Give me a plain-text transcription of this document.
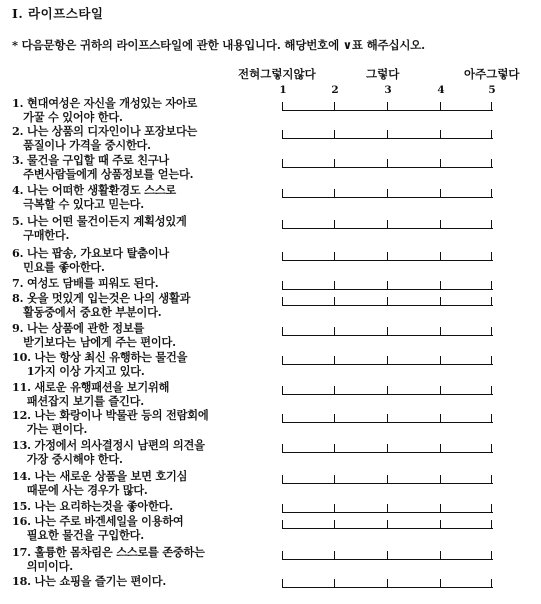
Ⅰ. 라이프스타일
* 다음문항은 귀하의 라이프스타일에 관한 내용입니다. 해당번호에 ∨표 해주십시오.
전혀그렇지않다	그렇다	아주그렇다
1	2	3	4	5
1. 현대여성은 자신을 개성있는 자아로
가꿀 수 있어야 한다.
2. 나는 상품의 디자인이나 포장보다는
품질이나 가격을 중시한다.
3. 물건을 구입할 때 주로 친구나
주변사람들에게 상품정보를 얻는다.
4. 나는 어떠한 생활환경도 스스로
극복할 수 있다고 믿는다.
5. 나는 어떤 물건이든지 계획성있게
구매한다.
6. 나는 팝송, 가요보다 탈춤이나
민요를 좋아한다.
7. 여성도 담배를 피워도 된다.
8. 옷을 멋있게 입는것은 나의 생활과
활동중에서 중요한 부분이다.
9. 나는 상품에 관한 정보를
받기보다는 남에게 주는 편이다.
10. 나는 항상 최신 유행하는 물건을
1가지 이상 가지고 있다.
11. 새로운 유행패션을 보기위해
패션잡지 보기를 즐긴다.
12. 나는 화랑이나 박물관 등의 전람회에
가는 편이다.
13. 가정에서 의사결정시 남편의 의견을
가장 중시해야 한다.
14. 나는 새로운 상품을 보면 호기심
때문에 사는 경우가 많다.
15. 나는 요리하는것을 좋아한다.
16. 나는 주로 바겐세일을 이용하여
필요한 물건을 구입한다.
17. 훌륭한 몸차림은 스스로를 존중하는
의미이다.
18. 나는 쇼핑을 즐기는 편이다.
